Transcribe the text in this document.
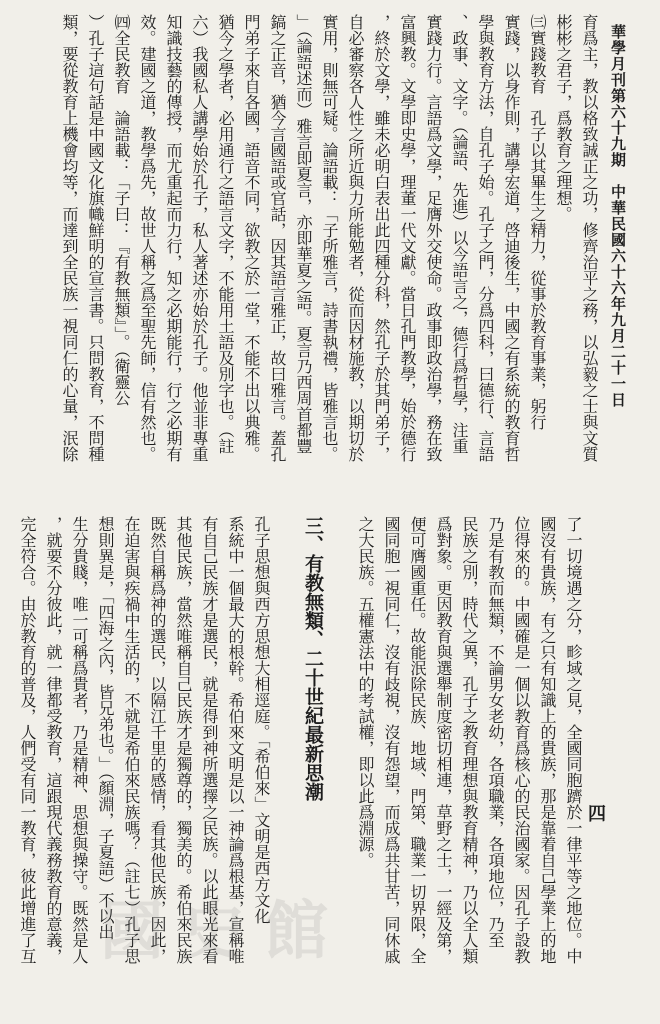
華學月刊第六十九期　中華民國六十六年九月二十一日
四
育爲主，教以格致誠正之功，修齊治平之務，以弘毅之士與文質
彬彬之君子，爲教育之理想。
㈢實踐教育　孔子以其畢生之精力，從事於教育事業，躬行
實踐，以身作則，講學宏道，啓迪後生，中國之有系統的教育哲
學與教育方法，自孔子始。孔子之門，分爲四科，曰德行、言語
、政事、文字。（論語、先進）以今語言之，德行爲哲學，注重
實踐力行。言語爲文學，足膺外交使命。政事即政治學，務在致
富興教。文學即史學，理董一代文獻。當日孔門教學，始於德行
，終於文學，雖未必明白表出此四種分科，然孔子於其門弟子，
自必審察各人性之所近與力所能勉者，從而因材施教，以期切於
實用，則無可疑。論語載：「子所雅言，詩書執禮，皆雅言也。
」（論語述而）雅言即夏言，亦即華夏之語。夏言乃西周首都豐
鎬之正音，猶今言國語或官話，因其語言雅正，故曰雅言。蓋孔
門弟子來自各國，語音不同，欲教之於一堂，不能不出以典雅。
猶今之學者，必用通行之語言文字，不能用土語及別字也。（註
六）我國私人講學始於孔子，私人著述亦始於孔子。他並非專重
知識技藝的傳授，而尤重起而力行，知之必期能行，行之必期有
效。建國之道，教學爲先，故世人稱之爲至聖先師，信有然也。
㈣全民教育　論語載：「子曰：『有教無類』」。（衛靈公
）孔子這句話是中國文化旗幟鮮明的宣言書。只問教育，不問種
類，要從教育上機會均等，而達到全民族一視同仁的心量，泯除
了一切境遇之分，畛域之見，全國同胞躋於一律平等之地位。中
國沒有貴族，有之只有知識上的貴族，那是靠着自己學業上的地
位得來的。中國確是一個以教育爲核心的民治國家。因孔子設教
乃是有教而無類，不論男女老幼，各項職業，各項地位，乃至
民族之別，時代之異，孔子之教育理想與教育精神，乃以全人類
爲對象。更因教育與選舉制度密切相連，草野之士，一經及第，
便可膺國重任。故能泯除民族、地域、門第、職業一切界限，全
國同胞一視同仁，沒有歧視，沒有怨望，而成爲共甘苦，同休戚
之大民族。五權憲法中的考試權，即以此爲淵源。

三、有教無類、二十世紀最新思潮

孔子思想與西方思想大相逕庭。「希伯來」文明是西方文化
系統中一個最大的根幹。希伯來文明是以一神論爲根基，宣稱唯
有自己民族才是選民，就是得到神所選擇之民族。以此眼光來看
其他民族，當然唯稱自己民族才是獨尊的，獨美的。希伯來民族
既然自稱爲神的選民，以隔江千里的感情，看其他民族，因此，
在迫害與疾禍中生活的，不就是希伯來民族嗎？（註七）孔子思
想則異是，「四海之內，皆兄弟也。」（顏淵，子夏語）不以出
生分貴賤，唯一可稱爲貴者，乃是精神、思想與操守。既然是人
，就要不分彼此，就一律都受教育，這跟現代義務教育的意義，
完全符合。由於教育的普及，人們受有同一教育，彼此增進了互 國史館
